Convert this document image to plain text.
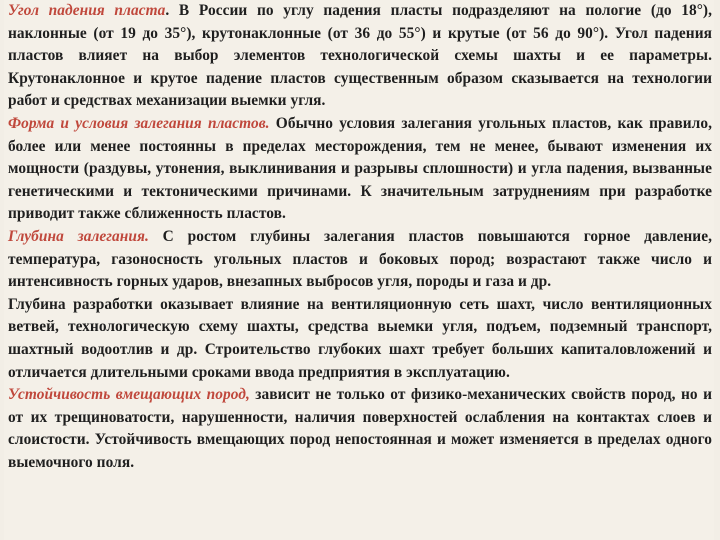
Угол падения пласта. В России по углу падения пласты подразделяют на пологие (до 18°), наклонные (от 19 до 35°), крутонаклонные (от 36 до 55°) и крутые (от 56 до 90°). Угол падения пластов влияет на выбор элементов технологической схемы шахты и ее параметры. Крутонаклонное и крутое падение пластов существенным образом сказывается на технологии работ и средствах механизации выемки угля.

Форма и условия залегания пластов. Обычно условия залегания угольных пластов, как правило, более или менее постоянны в пределах месторождения, тем не менее, бывают изменения их мощности (раздувы, утонения, выклинивания и разрывы сплошности) и угла падения, вызванные генетическими и тектоническими причинами. К значительным затруднениям при разработке приводит также сближенность пластов.

Глубина залегания. С ростом глубины залегания пластов повышаются горное давление, температура, газоносность угольных пластов и боковых пород; возрастают также число и интенсивность горных ударов, внезапных выбросов угля, породы и газа и др.

Глубина разработки оказывает влияние на вентиляционную сеть шахт, число вентиляционных ветвей, технологическую схему шахты, средства выемки угля, подъем, подземный транспорт, шахтный водоотлив и др. Строительство глубоких шахт требует больших капиталовложений и отличается длительными сроками ввода предприятия в эксплуатацию.

Устойчивость вмещающих пород, зависит не только от физико-механических свойств пород, но и от их трещиноватости, нарушенности, наличия поверхностей ослабления на контактах слоев и слоистости. Устойчивость вмещающих пород непостоянная и может изменяется в пределах одного выемочного поля.
